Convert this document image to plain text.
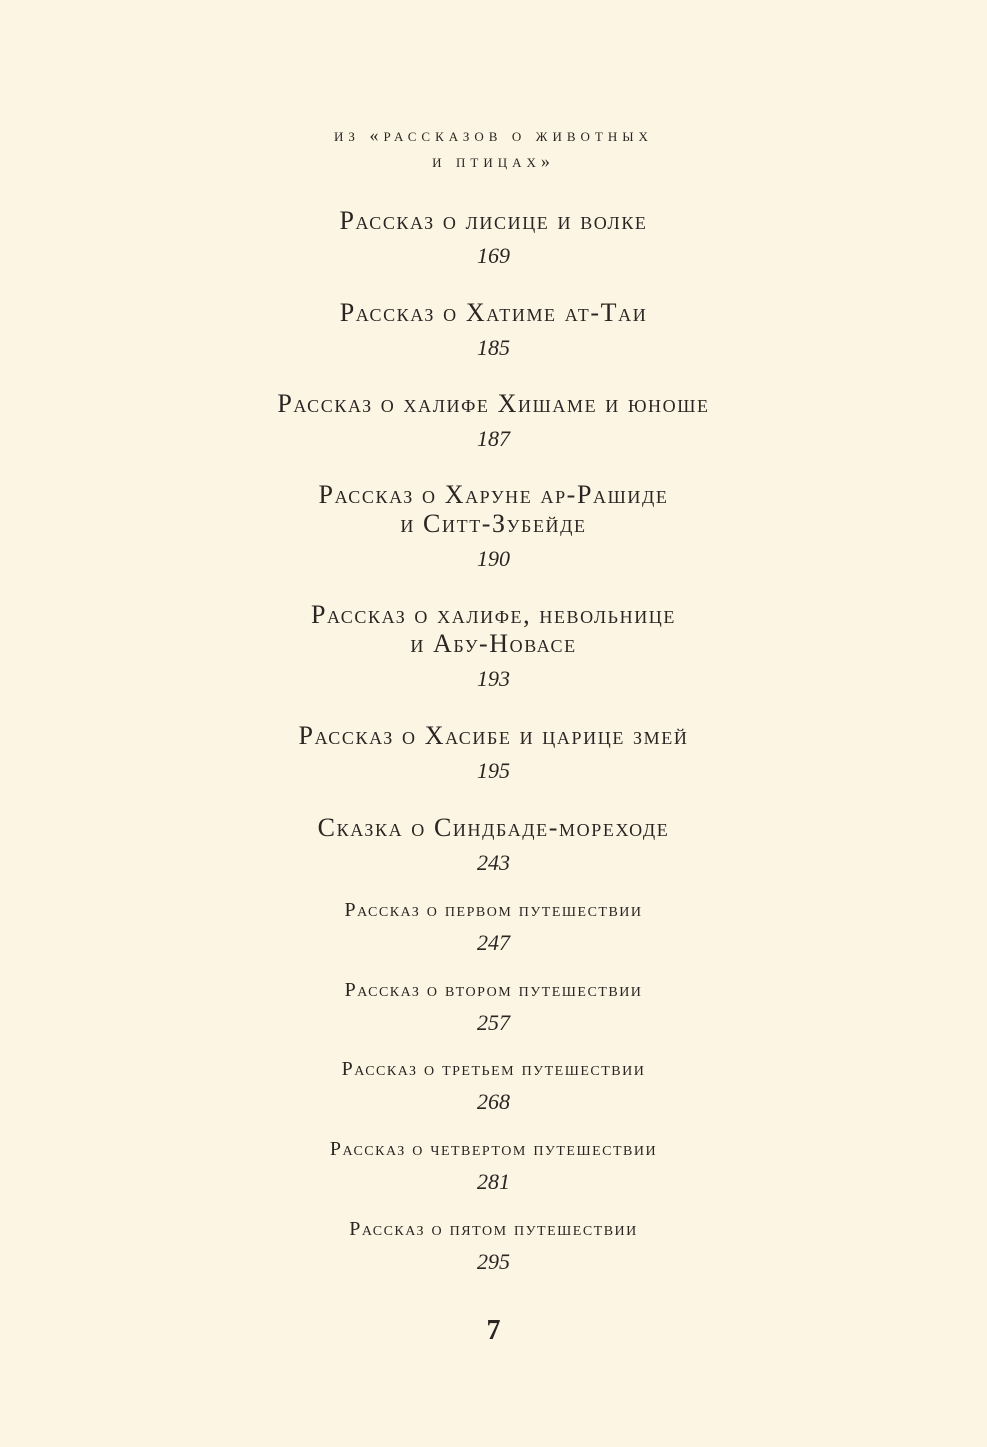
из «рассказов о животных
и птицах»
Рассказ о лисице и волке
169
Рассказ о Хатиме ат-Таи
185
Рассказ о халифе Хишаме и юноше
187
Рассказ о Харуне ар-Рашиде
и Ситт-Зубейде
190
Рассказ о халифе, невольнице
и Абу-Новасе
193
Рассказ о Хасибе и царице змей
195
Сказка о Синдбаде-мореходе
243
Рассказ о первом путешествии
247
Рассказ о втором путешествии
257
Рассказ о третьем путешествии
268
Рассказ о четвертом путешествии
281
Рассказ о пятом путешествии
295
7
